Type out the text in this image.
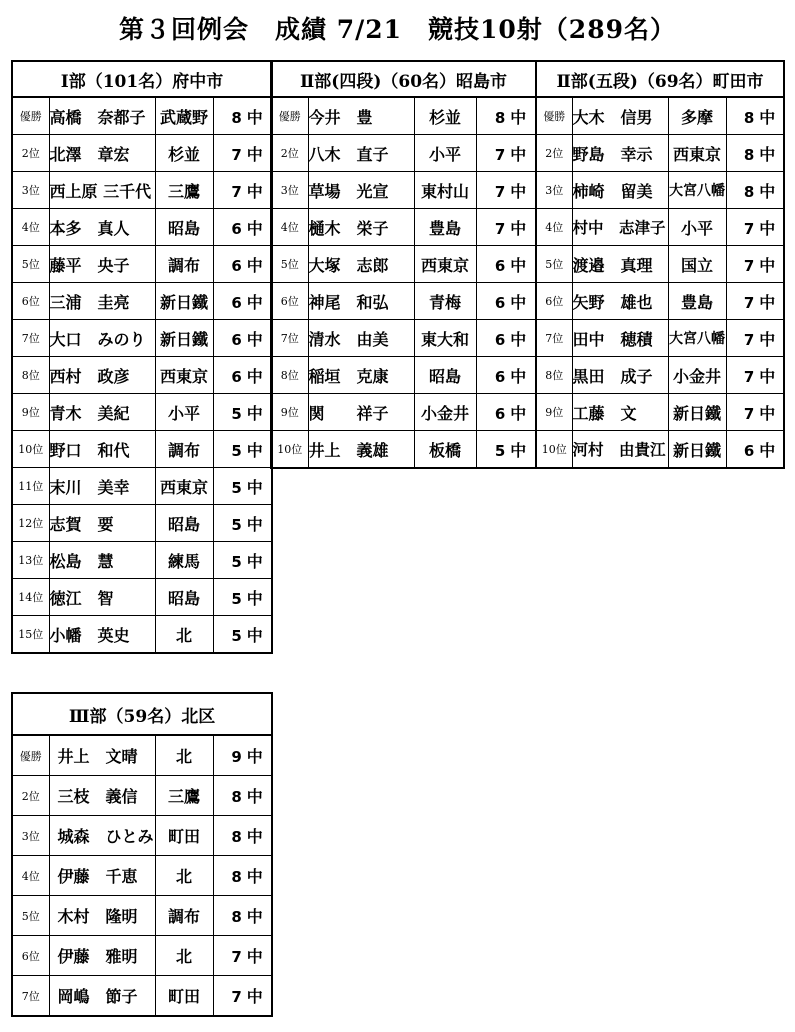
第３回例会　成績 7/21　競技10射（289名）
Ⅰ部（101名）府中市			
優勝	高橋　奈都子	武蔵野	8 中
2位	北澤　章宏	杉並	7 中
3位	西上原 三千代	三鷹	7 中
4位	本多　真人	昭島	6 中
5位	藤平　央子	調布	6 中
6位	三浦　圭亮	新日鐵	6 中
7位	大口　みのり	新日鐵	6 中
8位	西村　政彦	西東京	6 中
9位	青木　美紀	小平	5 中
10位	野口　和代	調布	5 中
11位	末川　美幸	西東京	5 中
12位	志賀　要	昭島	5 中
13位	松島　慧	練馬	5 中
14位	徳江　智	昭島	5 中
15位	小幡　英史	北	5 中
Ⅱ部(四段)（60名）昭島市			
優勝	今井　豊	杉並	8 中
2位	八木　直子	小平	7 中
3位	草場　光宣	東村山	7 中
4位	樋木　栄子	豊島	7 中
5位	大塚　志郎	西東京	6 中
6位	神尾　和弘	青梅	6 中
7位	清水　由美	東大和	6 中
8位	稲垣　克康	昭島	6 中
9位	関　　祥子	小金井	6 中
10位	井上　義雄	板橋	5 中
Ⅱ部(五段)（69名）町田市			
優勝	大木　信男	多摩	8 中
2位	野島　幸示	西東京	8 中
3位	柿崎　留美	大宮八幡	8 中
4位	村中　志津子	小平	7 中
5位	渡邉　真理	国立	7 中
6位	矢野　雄也	豊島	7 中
7位	田中　穂積	大宮八幡	7 中
8位	黒田　成子	小金井	7 中
9位	工藤　文	新日鐵	7 中
10位	河村　由貴江	新日鐵	6 中
Ⅲ部（59名）北区			
優勝	井上　文晴	北	9 中
2位	三枝　義信	三鷹	8 中
3位	城森　ひとみ	町田	8 中
4位	伊藤　千恵	北	8 中
5位	木村　隆明	調布	8 中
6位	伊藤　雅明	北	7 中
7位	岡嶋　節子	町田	7 中
